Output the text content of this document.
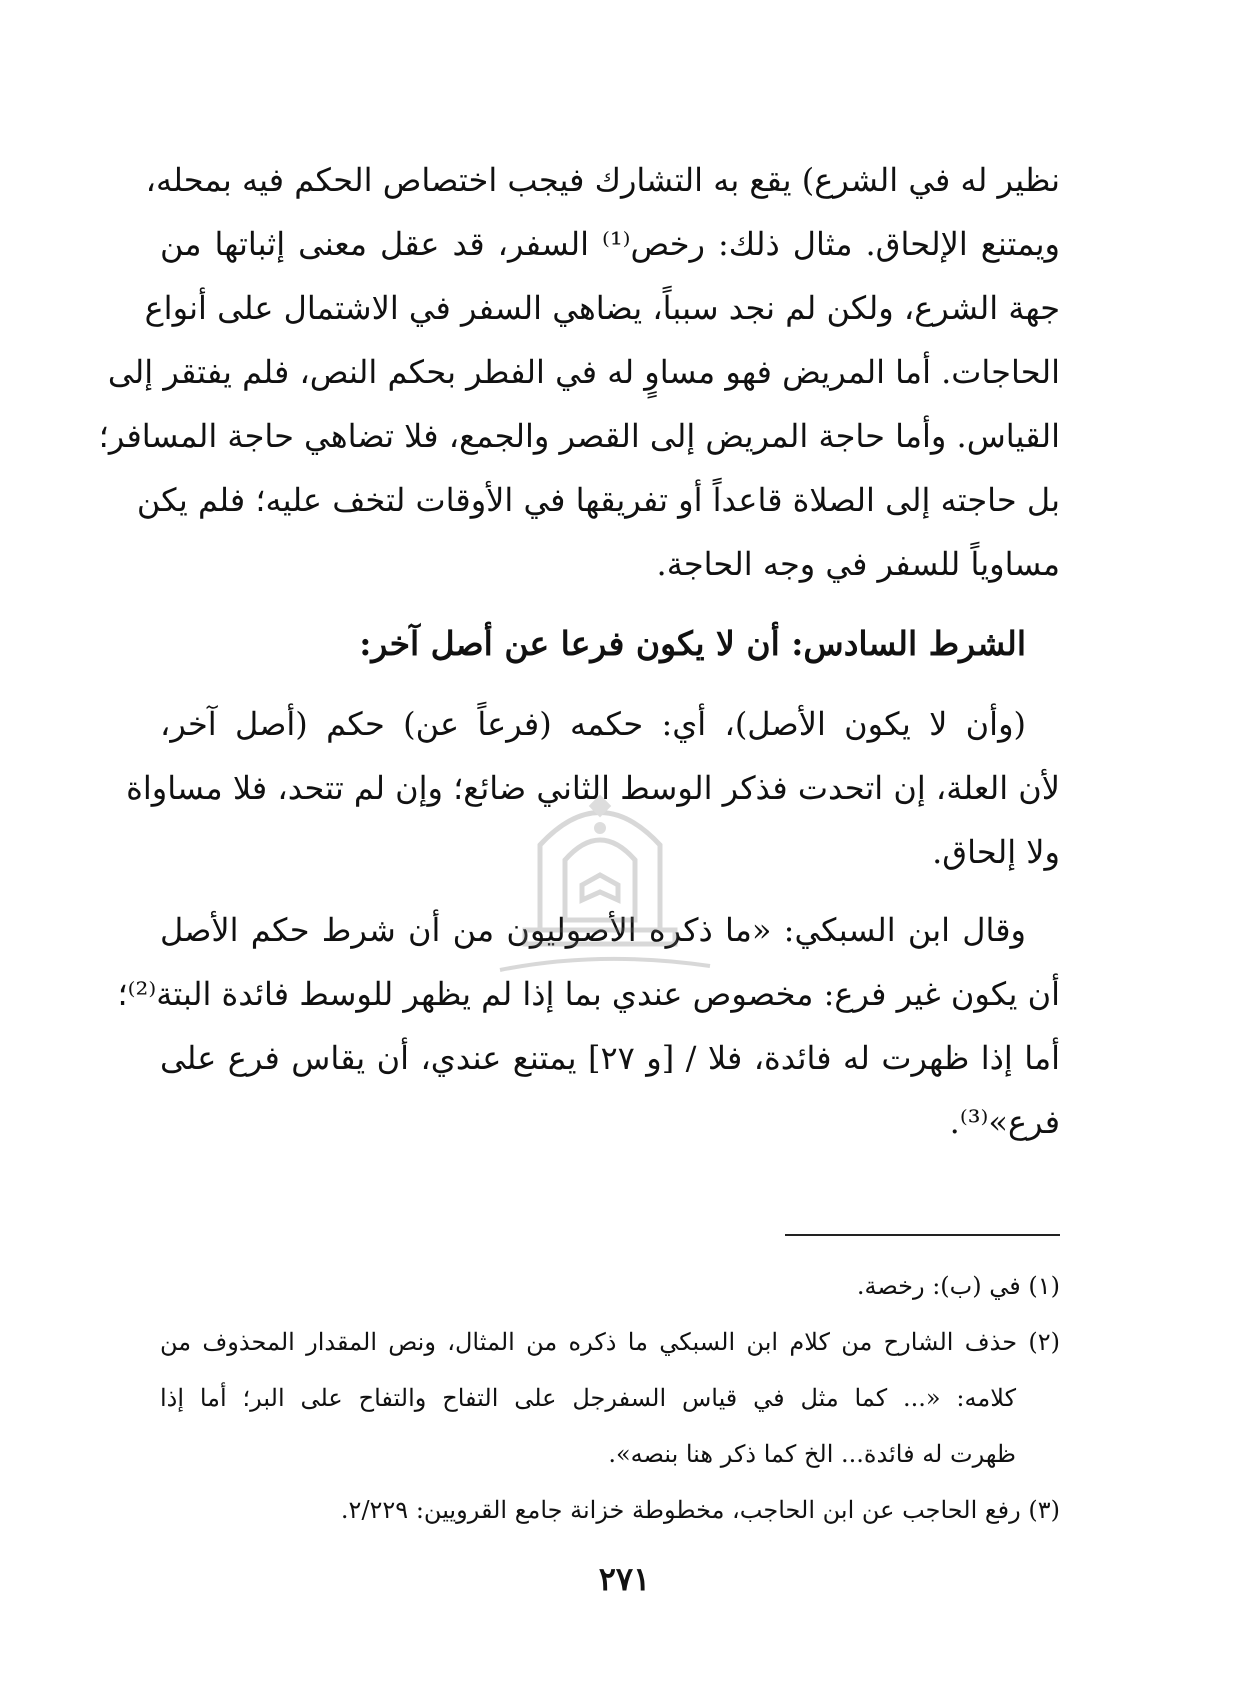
نظير له في الشرع) يقع به التشارك فيجب اختصاص الحكم فيه بمحله،
ويمتنع الإلحاق. مثال ذلك: رخص⁽¹⁾ السفر، قد عقل معنى إثباتها من
جهة الشرع، ولكن لم نجد سبباً، يضاهي السفر في الاشتمال على أنواع
الحاجات. أما المريض فهو مساوٍ له في الفطر بحكم النص، فلم يفتقر إلى
القياس. وأما حاجة المريض إلى القصر والجمع، فلا تضاهي حاجة المسافر؛
بل حاجته إلى الصلاة قاعداً أو تفريقها في الأوقات لتخف عليه؛ فلم يكن
مساوياً للسفر في وجه الحاجة.
الشرط السادس: أن لا يكون فرعا عن أصل آخر:
(وأن لا يكون الأصل)، أي: حكمه (فرعاً عن) حكم (أصل آخر،
لأن العلة، إن اتحدت فذكر الوسط الثاني ضائع؛ وإن لم تتحد، فلا مساواة
ولا إلحاق.
وقال ابن السبكي: «ما ذكره الأصوليون من أن شرط حكم الأصل
أن يكون غير فرع: مخصوص عندي بما إذا لم يظهر للوسط فائدة البتة⁽²⁾؛
أما إذا ظهرت له فائدة، فلا / [و ٢٧] يمتنع عندي، أن يقاس فرع على
فرع»⁽³⁾.
(١) في (ب): رخصة.
(٢) حذف الشارح من كلام ابن السبكي ما ذكره من المثال، ونص المقدار المحذوف من
كلامه: «... كما مثل في قياس السفرجل على التفاح والتفاح على البر؛ أما إذا
ظهرت له فائدة... الخ كما ذكر هنا بنصه».
(٣) رفع الحاجب عن ابن الحاجب، مخطوطة خزانة جامع القرويين: ٢/٢٢٩.
٢٧١
